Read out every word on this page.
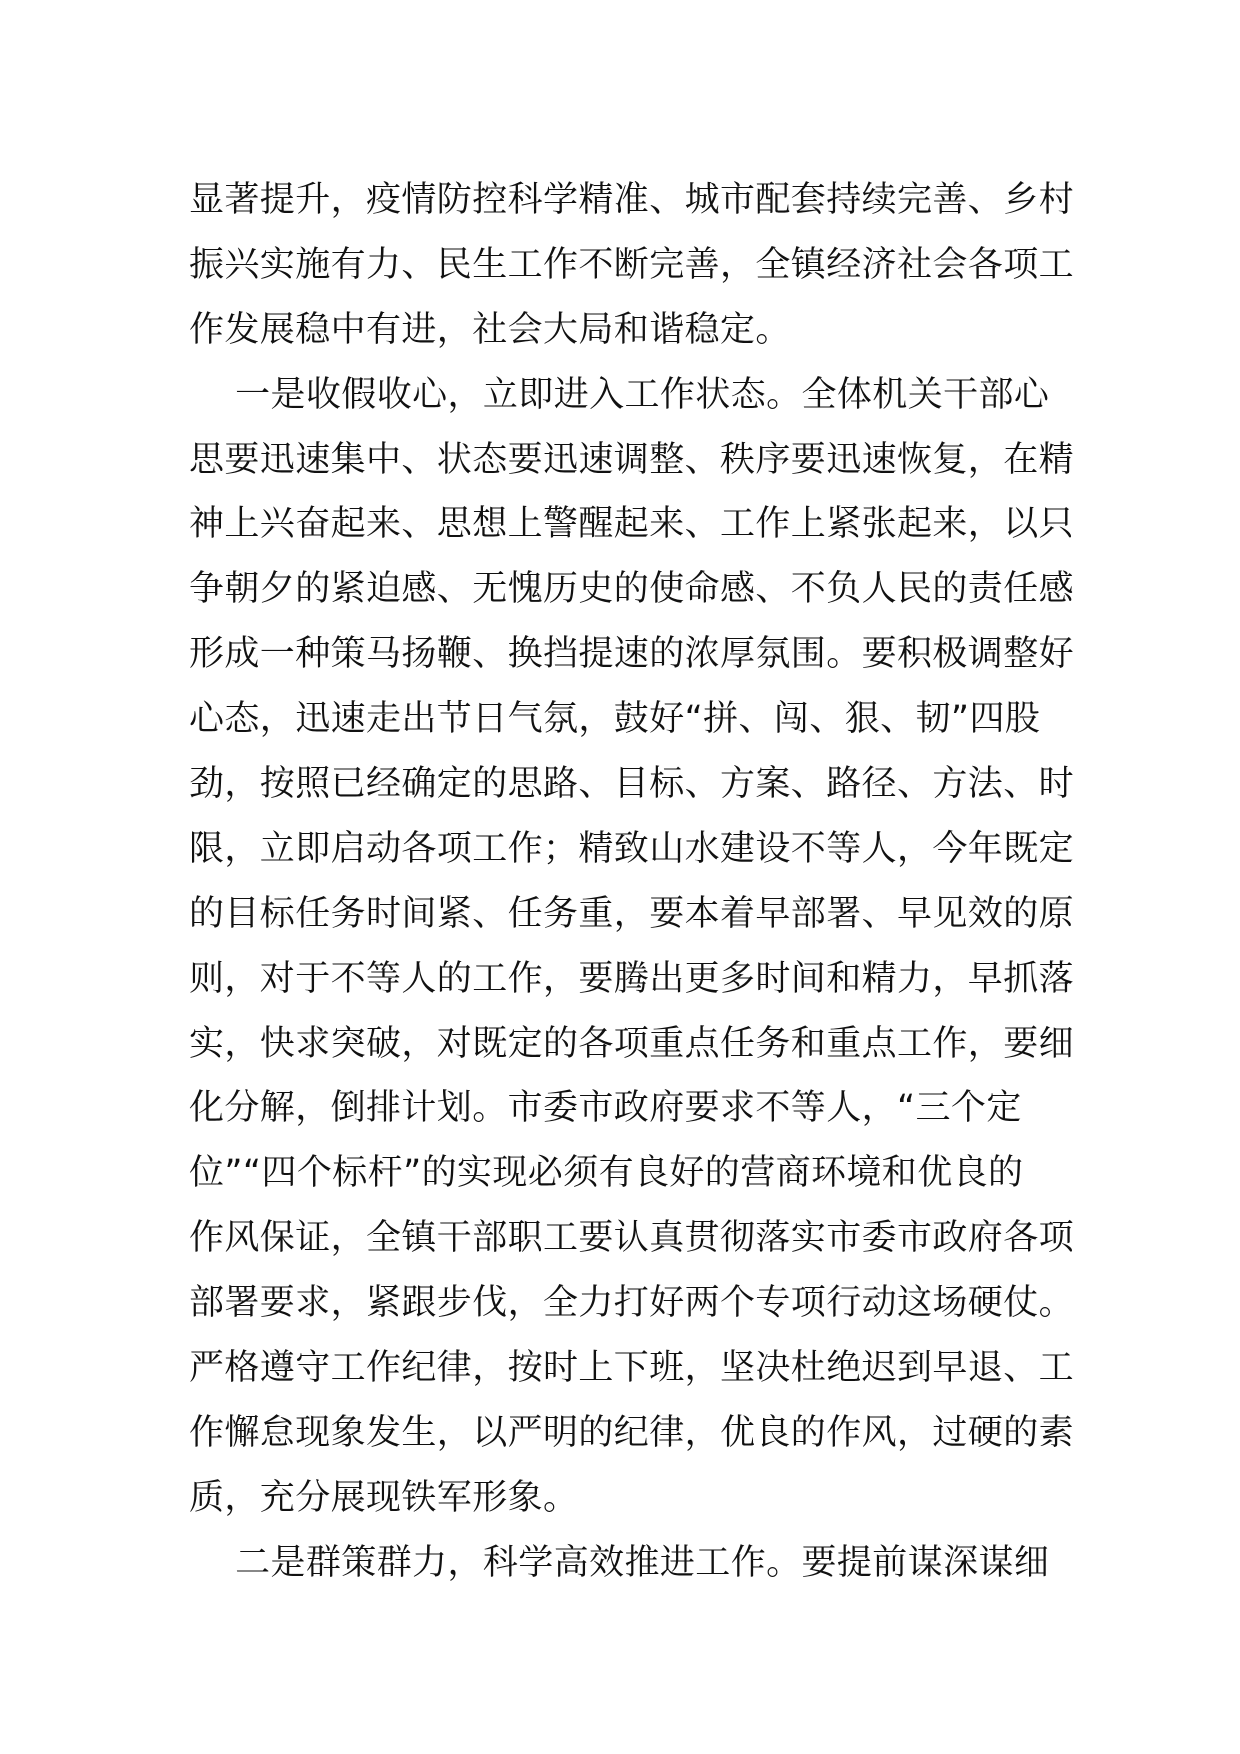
显著提升，疫情防控科学精准、城市配套持续完善、乡村
振兴实施有力、民生工作不断完善，全镇经济社会各项工
作发展稳中有进，社会大局和谐稳定。
一是收假收心，立即进入工作状态。全体机关干部心
思要迅速集中、状态要迅速调整、秩序要迅速恢复，在精
神上兴奋起来、思想上警醒起来、工作上紧张起来，以只
争朝夕的紧迫感、无愧历史的使命感、不负人民的责任感
形成一种策马扬鞭、换挡提速的浓厚氛围。要积极调整好
心态，迅速走出节日气氛，鼓好“拼、闯、狠、韧”四股
劲，按照已经确定的思路、目标、方案、路径、方法、时
限，立即启动各项工作；精致山水建设不等人，今年既定
的目标任务时间紧、任务重，要本着早部署、早见效的原
则，对于不等人的工作，要腾出更多时间和精力，早抓落
实，快求突破，对既定的各项重点任务和重点工作，要细
化分解，倒排计划。市委市政府要求不等人，“三个定
位”“四个标杆”的实现必须有良好的营商环境和优良的
作风保证，全镇干部职工要认真贯彻落实市委市政府各项
部署要求，紧跟步伐，全力打好两个专项行动这场硬仗。
严格遵守工作纪律，按时上下班，坚决杜绝迟到早退、工
作懈怠现象发生，以严明的纪律，优良的作风，过硬的素
质，充分展现铁军形象。
二是群策群力，科学高效推进工作。要提前谋深谋细
